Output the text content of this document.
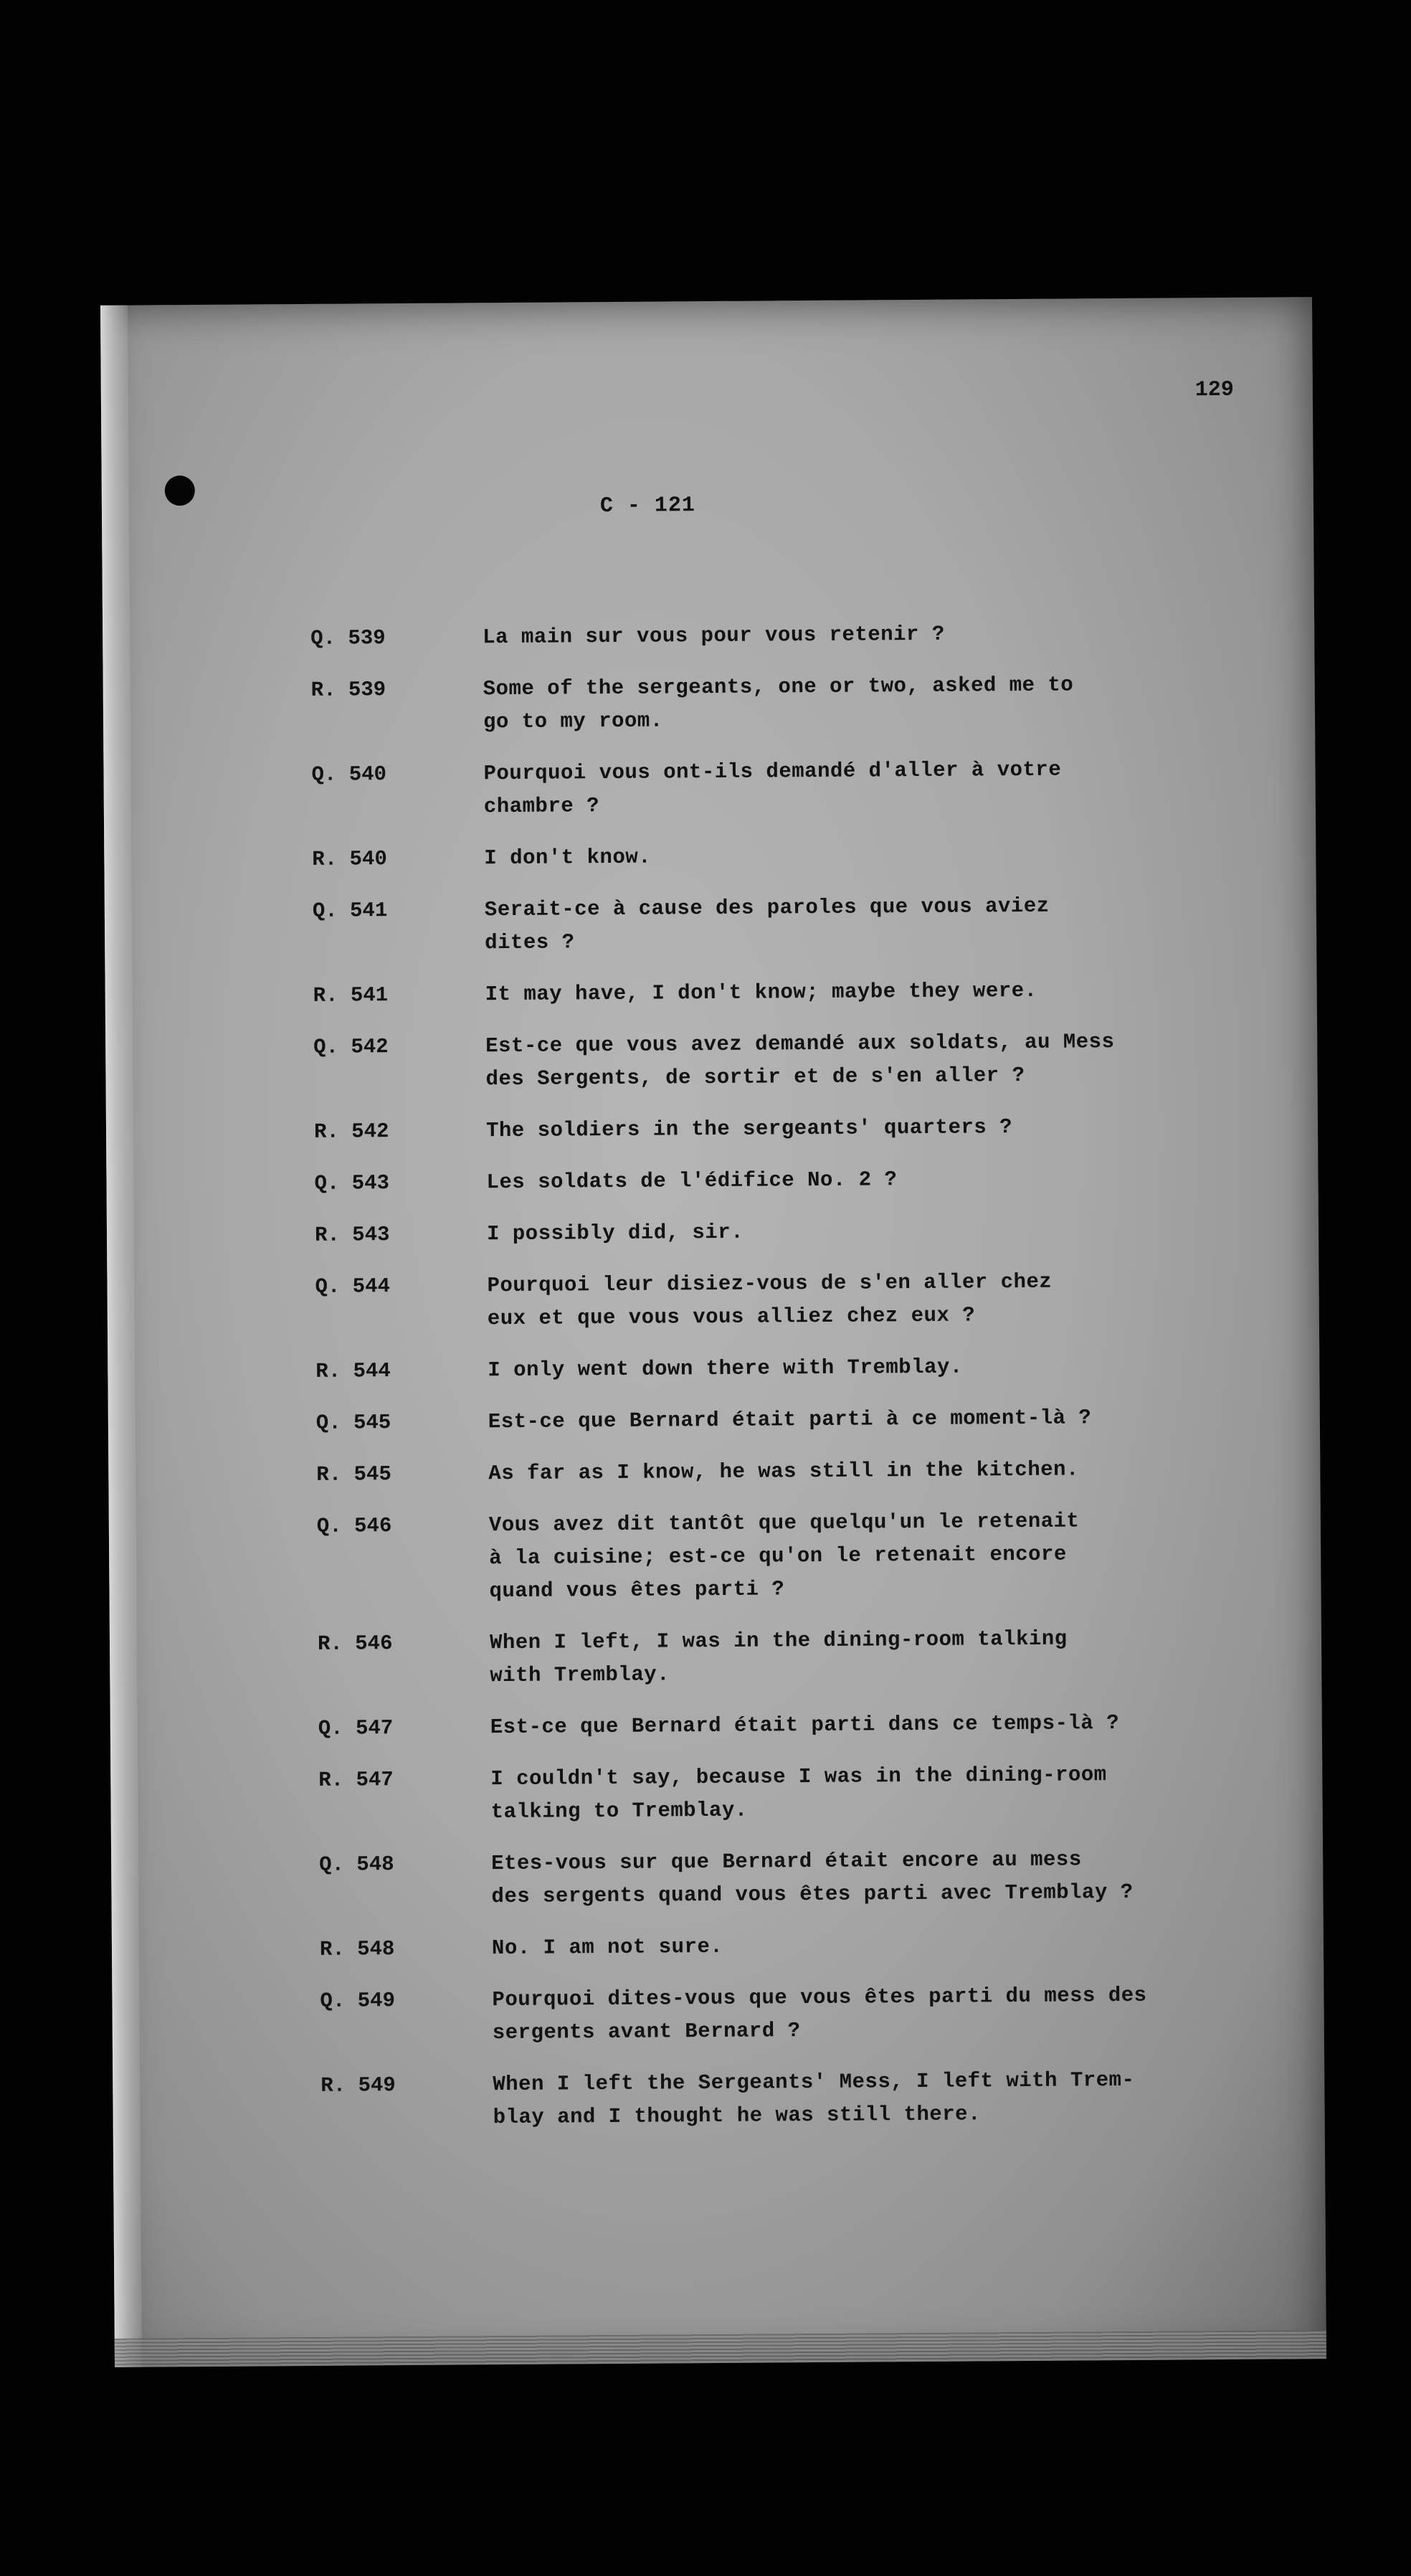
129
C - 121
Q. 539	La main sur vous pour vous retenir ?
R. 539	Some of the sergeants, one or two, asked me to
go to my room.
Q. 540	Pourquoi vous ont-ils demandé d'aller à votre
chambre ?
R. 540	I don't know.
Q. 541	Serait-ce à cause des paroles que vous aviez
dites ?
R. 541	It may have, I don't know; maybe they were.
Q. 542	Est-ce que vous avez demandé aux soldats, au Mess
des Sergents, de sortir et de s'en aller ?
R. 542	The soldiers in the sergeants' quarters ?
Q. 543	Les soldats de l'édifice No. 2 ?
R. 543	I possibly did, sir.
Q. 544	Pourquoi leur disiez-vous de s'en aller chez
eux et que vous vous alliez chez eux ?
R. 544	I only went down there with Tremblay.
Q. 545	Est-ce que Bernard était parti à ce moment-là ?
R. 545	As far as I know, he was still in the kitchen.
Q. 546	Vous avez dit tantôt que quelqu'un le retenait
à la cuisine; est-ce qu'on le retenait encore
quand vous êtes parti ?
R. 546	When I left, I was in the dining-room talking
with Tremblay.
Q. 547	Est-ce que Bernard était parti dans ce temps-là ?
R. 547	I couldn't say, because I was in the dining-room
talking to Tremblay.
Q. 548	Etes-vous sur que Bernard était encore au mess
des sergents quand vous êtes parti avec Tremblay ?
R. 548	No. I am not sure.
Q. 549	Pourquoi dites-vous que vous êtes parti du mess des
sergents avant Bernard ?
R. 549	When I left the Sergeants' Mess, I left with Trem-
blay and I thought he was still there.
